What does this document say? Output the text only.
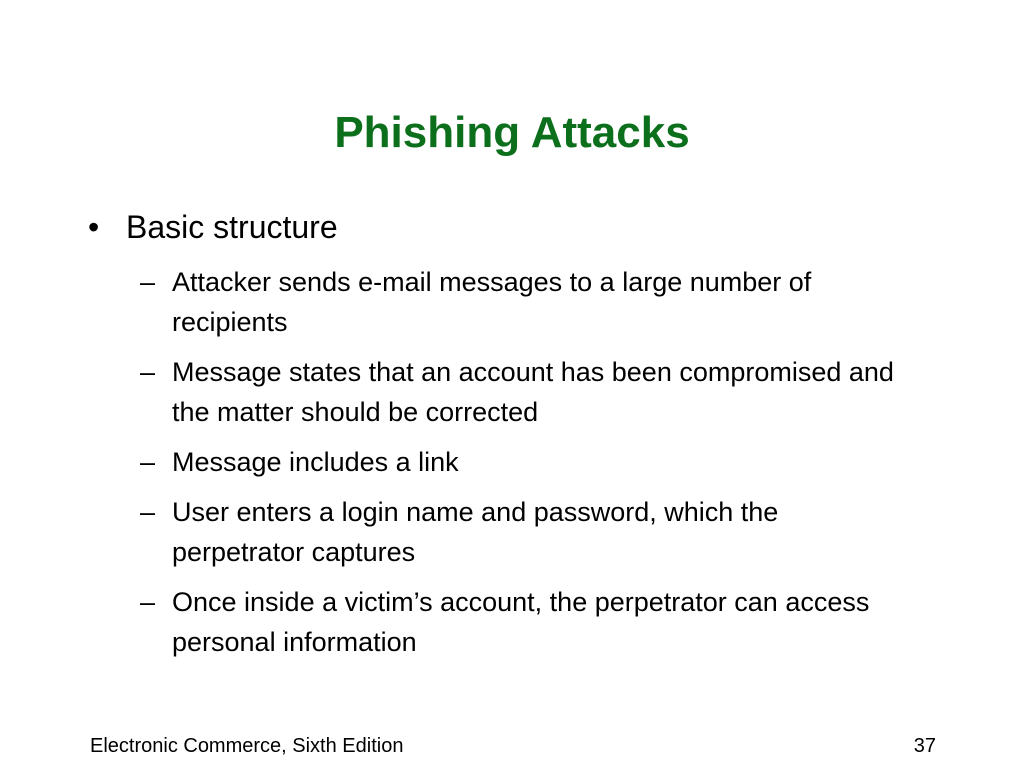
Phishing Attacks
• Basic structure
– Attacker sends e-mail messages to a large number of recipients
– Message states that an account has been compromised and the matter should be corrected
– Message includes a link
– User enters a login name and password, which the perpetrator captures
– Once inside a victim’s account, the perpetrator can access personal information
Electronic Commerce, Sixth Edition	37
